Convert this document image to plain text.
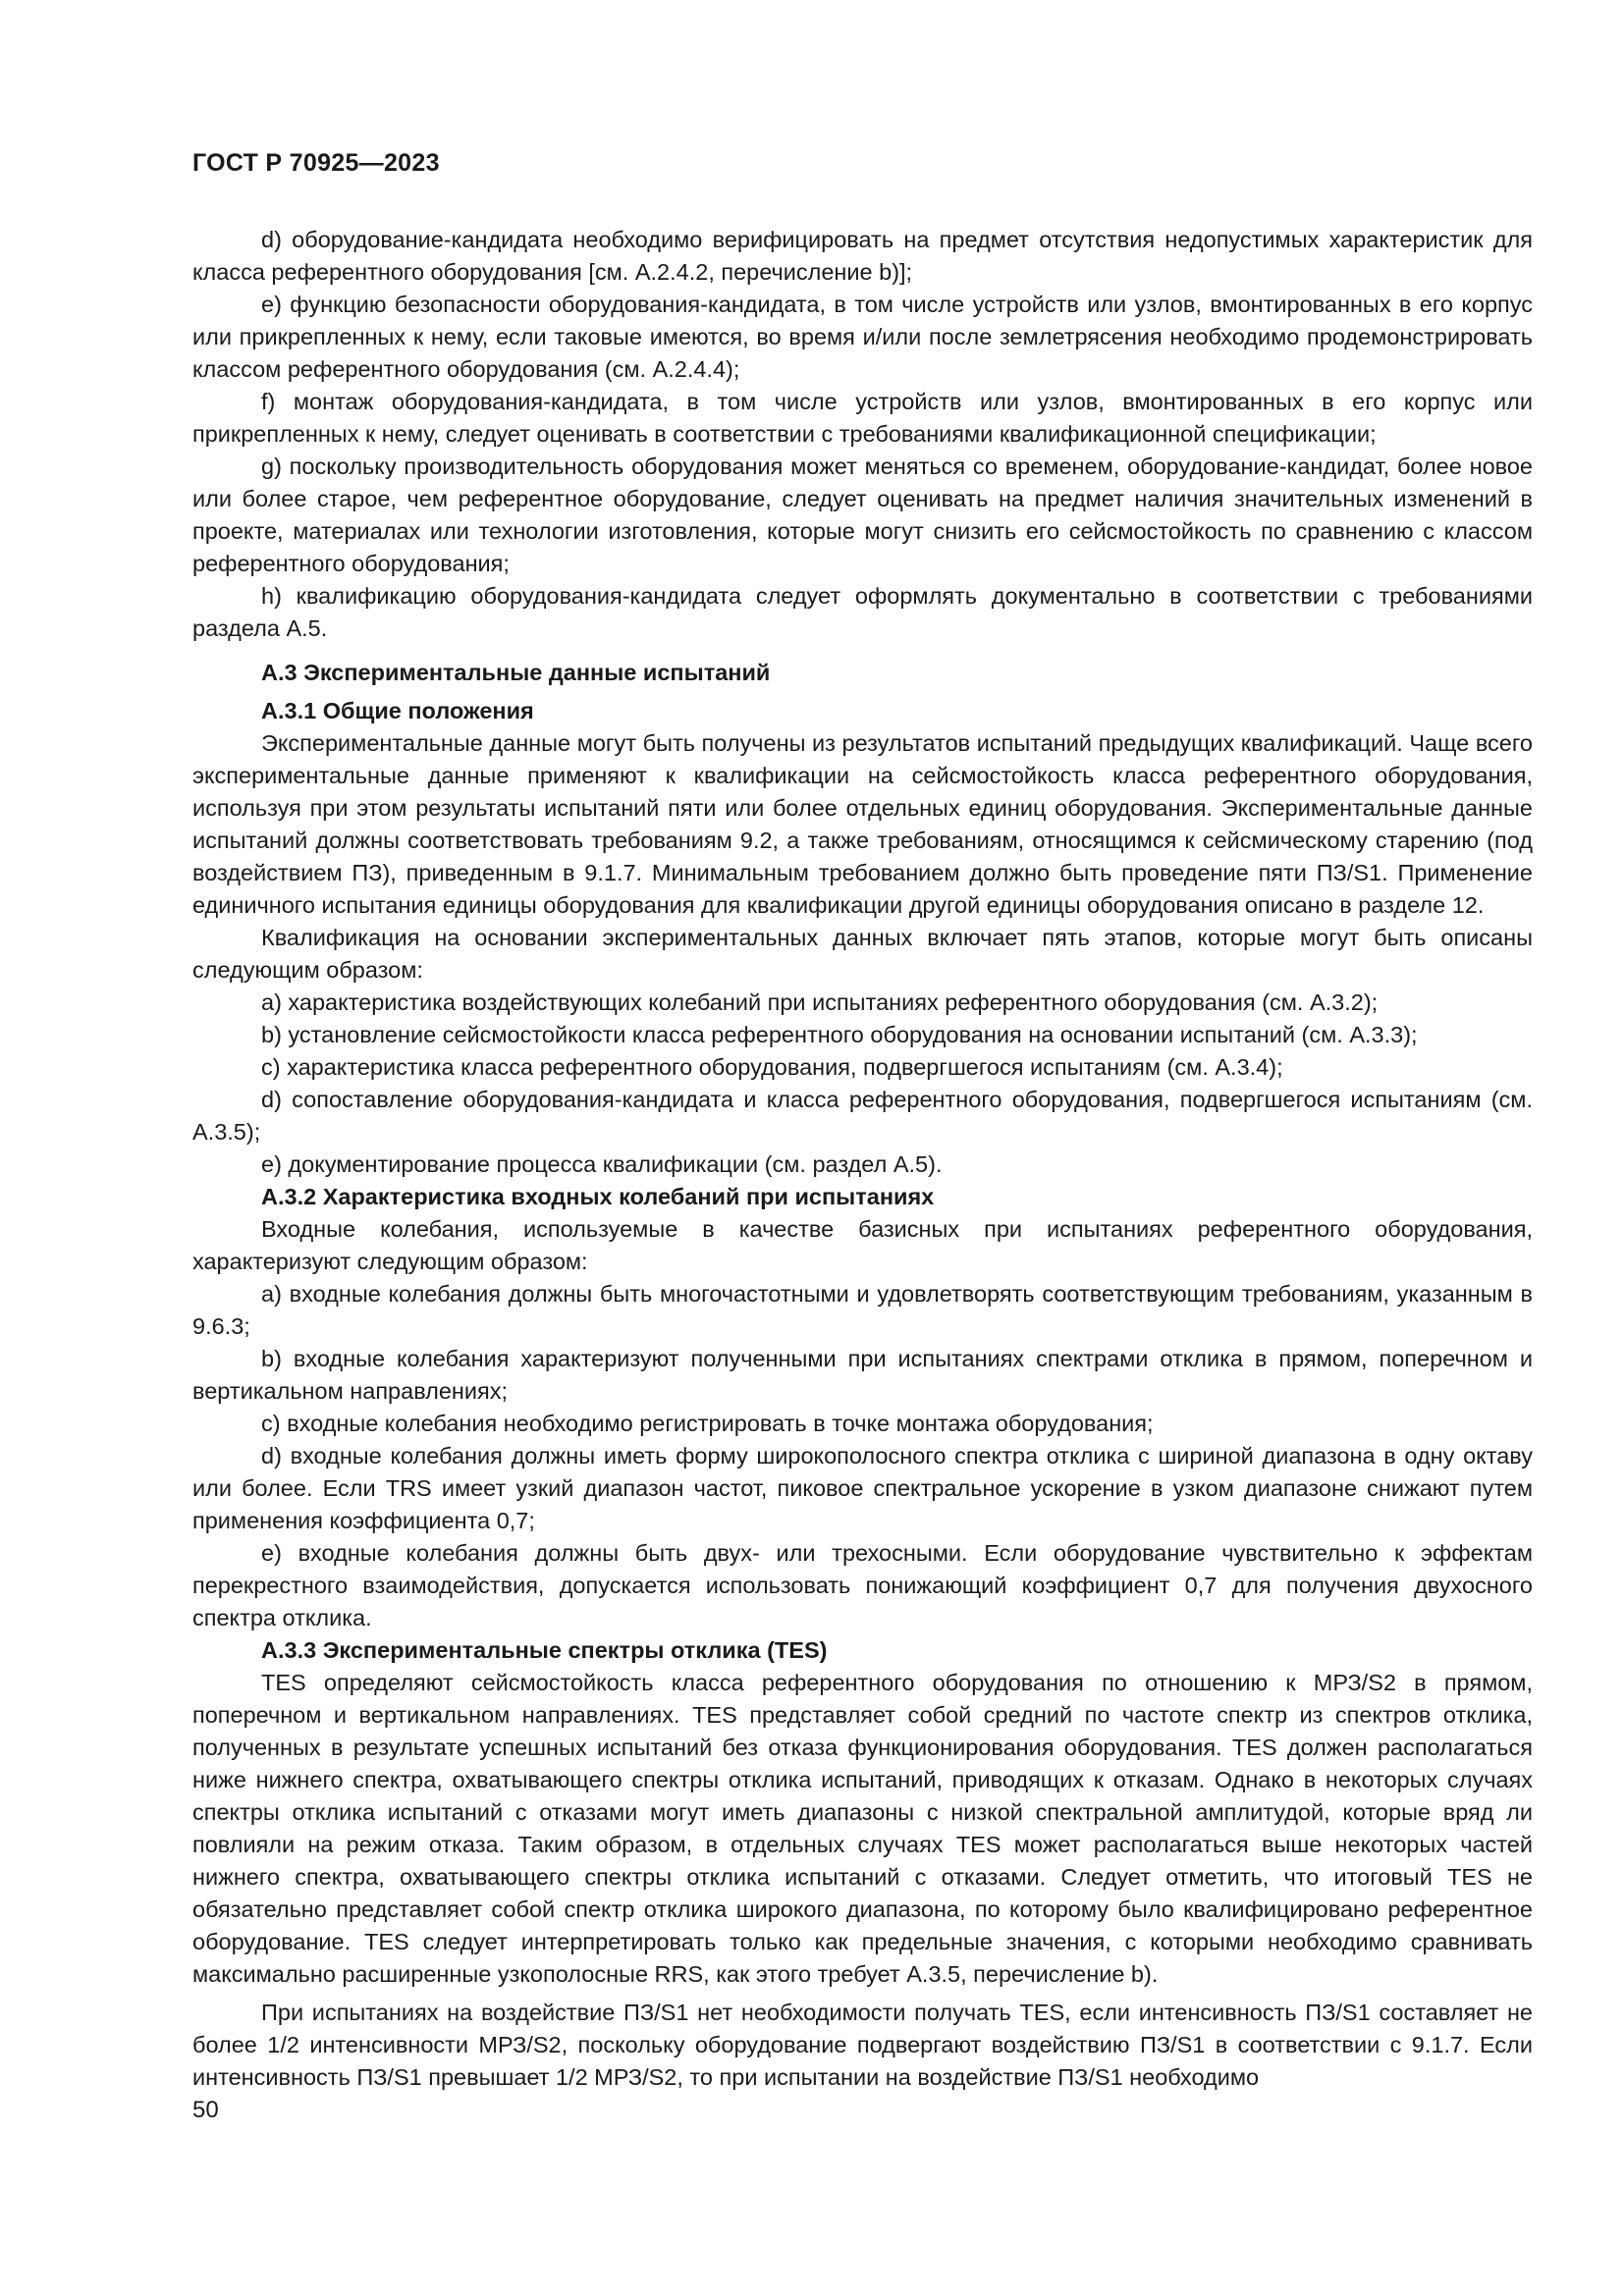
ГОСТ Р 70925—2023

d) оборудование-кандидата необходимо верифицировать на предмет отсутствия недопустимых характеристик для класса референтного оборудования [см. А.2.4.2, перечисление b)];

e) функцию безопасности оборудования-кандидата, в том числе устройств или узлов, вмонтированных в его корпус или прикрепленных к нему, если таковые имеются, во время и/или после землетрясения необходимо продемонстрировать классом референтного оборудования (см. А.2.4.4);

f) монтаж оборудования-кандидата, в том числе устройств или узлов, вмонтированных в его корпус или прикрепленных к нему, следует оценивать в соответствии с требованиями квалификационной спецификации;

g) поскольку производительность оборудования может меняться со временем, оборудование-кандидат, более новое или более старое, чем референтное оборудование, следует оценивать на предмет наличия значительных изменений в проекте, материалах или технологии изготовления, которые могут снизить его сейсмостойкость по сравнению с классом референтного оборудования;

h) квалификацию оборудования-кандидата следует оформлять документально в соответствии с требованиями раздела А.5.

А.3 Экспериментальные данные испытаний
А.3.1 Общие положения

Экспериментальные данные могут быть получены из результатов испытаний предыдущих квалификаций. Чаще всего экспериментальные данные применяют к квалификации на сейсмостойкость класса референтного оборудования, используя при этом результаты испытаний пяти или более отдельных единиц оборудования. Экспериментальные данные испытаний должны соответствовать требованиям 9.2, а также требованиям, относящимся к сейсмическому старению (под воздействием ПЗ), приведенным в 9.1.7. Минимальным требованием должно быть проведение пяти ПЗ/S1. Применение единичного испытания единицы оборудования для квалификации другой единицы оборудования описано в разделе 12.

Квалификация на основании экспериментальных данных включает пять этапов, которые могут быть описаны следующим образом:

a) характеристика воздействующих колебаний при испытаниях референтного оборудования (см. А.3.2);

b) установление сейсмостойкости класса референтного оборудования на основании испытаний (см. А.3.3);

c) характеристика класса референтного оборудования, подвергшегося испытаниям (см. А.3.4);

d) сопоставление оборудования-кандидата и класса референтного оборудования, подвергшегося испытаниям (см. А.3.5);

e) документирование процесса квалификации (см. раздел А.5).

А.3.2 Характеристика входных колебаний при испытаниях

Входные колебания, используемые в качестве базисных при испытаниях референтного оборудования, характеризуют следующим образом:

a) входные колебания должны быть многочастотными и удовлетворять соответствующим требованиям, указанным в 9.6.3;

b) входные колебания характеризуют полученными при испытаниях спектрами отклика в прямом, поперечном и вертикальном направлениях;

c) входные колебания необходимо регистрировать в точке монтажа оборудования;

d) входные колебания должны иметь форму широкополосного спектра отклика с шириной диапазона в одну октаву или более. Если TRS имеет узкий диапазон частот, пиковое спектральное ускорение в узком диапазоне снижают путем применения коэффициента 0,7;

e) входные колебания должны быть двух- или трехосными. Если оборудование чувствительно к эффектам перекрестного взаимодействия, допускается использовать понижающий коэффициент 0,7 для получения двухосного спектра отклика.

А.3.3 Экспериментальные спектры отклика (TES)

TES определяют сейсмостойкость класса референтного оборудования по отношению к МРЗ/S2 в прямом, поперечном и вертикальном направлениях. TES представляет собой средний по частоте спектр из спектров отклика, полученных в результате успешных испытаний без отказа функционирования оборудования. TES должен располагаться ниже нижнего спектра, охватывающего спектры отклика испытаний, приводящих к отказам. Однако в некоторых случаях спектры отклика испытаний с отказами могут иметь диапазоны с низкой спектральной амплитудой, которые вряд ли повлияли на режим отказа. Таким образом, в отдельных случаях TES может располагаться выше некоторых частей нижнего спектра, охватывающего спектры отклика испытаний с отказами. Следует отметить, что итоговый TES не обязательно представляет собой спектр отклика широкого диапазона, по которому было квалифицировано референтное оборудование. TES следует интерпретировать только как предельные значения, с которыми необходимо сравнивать максимально расширенные узкополосные RRS, как этого требует А.3.5, перечисление b).

При испытаниях на воздействие ПЗ/S1 нет необходимости получать TES, если интенсивность ПЗ/S1 составляет не более 1/2 интенсивности МРЗ/S2, поскольку оборудование подвергают воздействию ПЗ/S1 в соответствии с 9.1.7. Если интенсивность ПЗ/S1 превышает 1/2 МРЗ/S2, то при испытании на воздействие ПЗ/S1 необходимо

50
